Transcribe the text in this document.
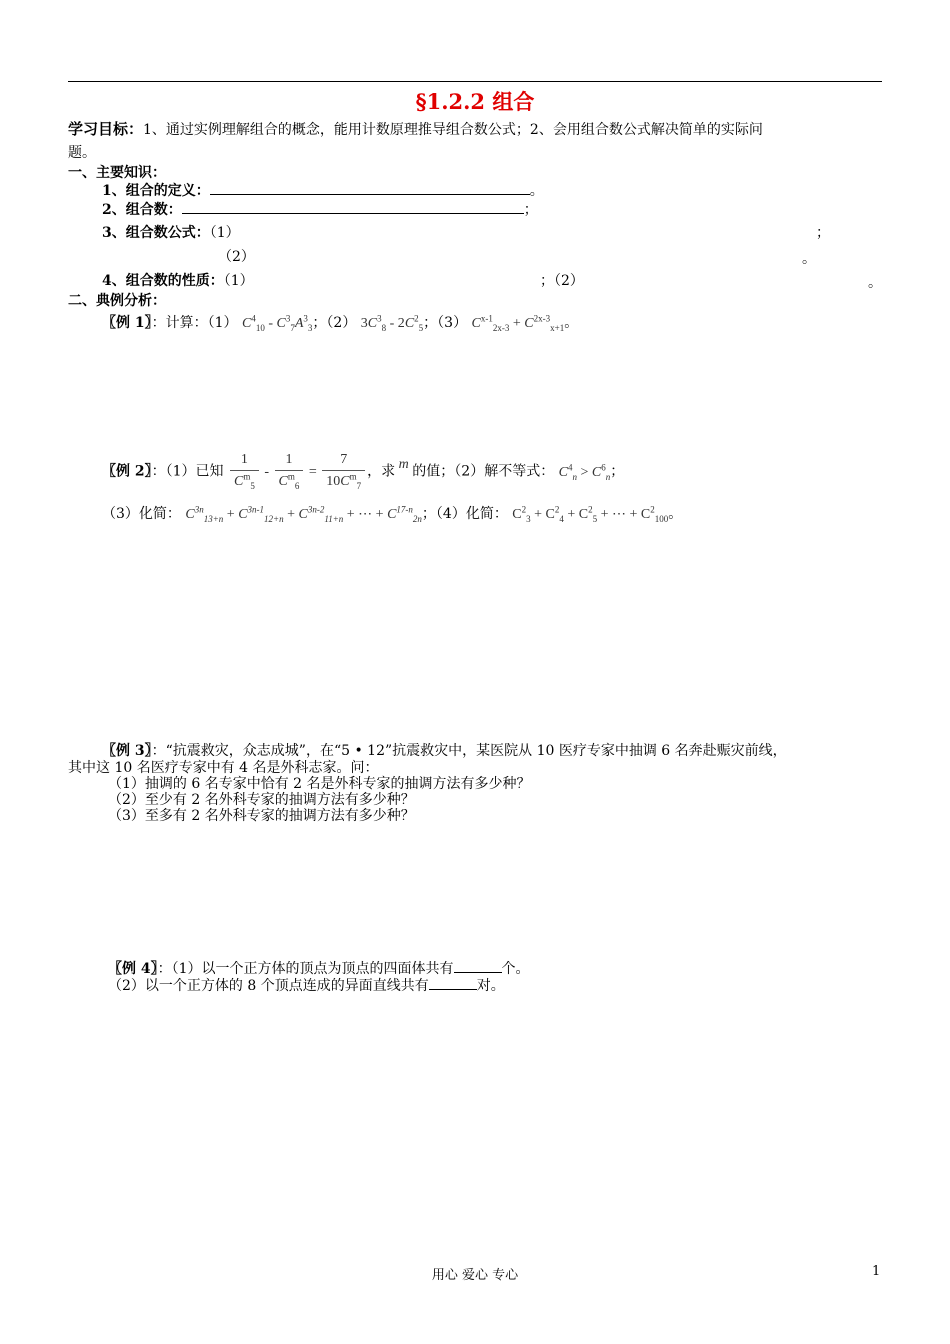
§1.2.2 组合
学习目标：1、通过实例理解组合的概念，能用计数原理推导组合数公式；2、会用组合数公式解决简单的实际问
题。
一、主要知识：
1、组合的定义：	。
2、组合数：	；
3、组合数公式：（1）	；
（2）	。
4、组合数的性质：（1）	；（2）	。
二、典例分析：
〖例 1〗：计算：（1） $C^4_{10} - C^3_7A^3_3$；（2） $3C^3_8 - 2C^2_5$；（3） $C^{x-1}_{2x-3} + C^{2x-3}_{x+1}$。
〖例 2〗：（1）已知 $\frac{1}{C^m_5} - \frac{1}{C^m_6} = \frac{7}{10C^m_7}$ ，求 m 的值；（2）解不等式： $C^4_n > C^6_n$；
（3）化简： $C^{3n}_{13+n} + C^{3n-1}_{12+n} + C^{3n-2}_{11+n}$ + ⋯ + $C^{17-n}_{2n}$；（4）化简： $C^2_3 + C^2_4 + C^2_5$ + ⋯ + $C^2_{100}$。
〖例 3〗：“抗震救灾，众志成城”，在“5 • 12”抗震救灾中，某医院从 10 医疗专家中抽调 6 名奔赴赈灾前线，
其中这 10 名医疗专家中有 4 名是外科志家。问：
（1）抽调的 6 名专家中恰有 2 名是外科专家的抽调方法有多少种？
（2）至少有 2 名外科专家的抽调方法有多少种？
（3）至多有 2 名外科专家的抽调方法有多少种？
〖例 4〗：（1）以一个正方体的顶点为顶点的四面体共有	个。
（2）以一个正方体的 8 个顶点连成的异面直线共有	对。
用心 爱心 专心	1
